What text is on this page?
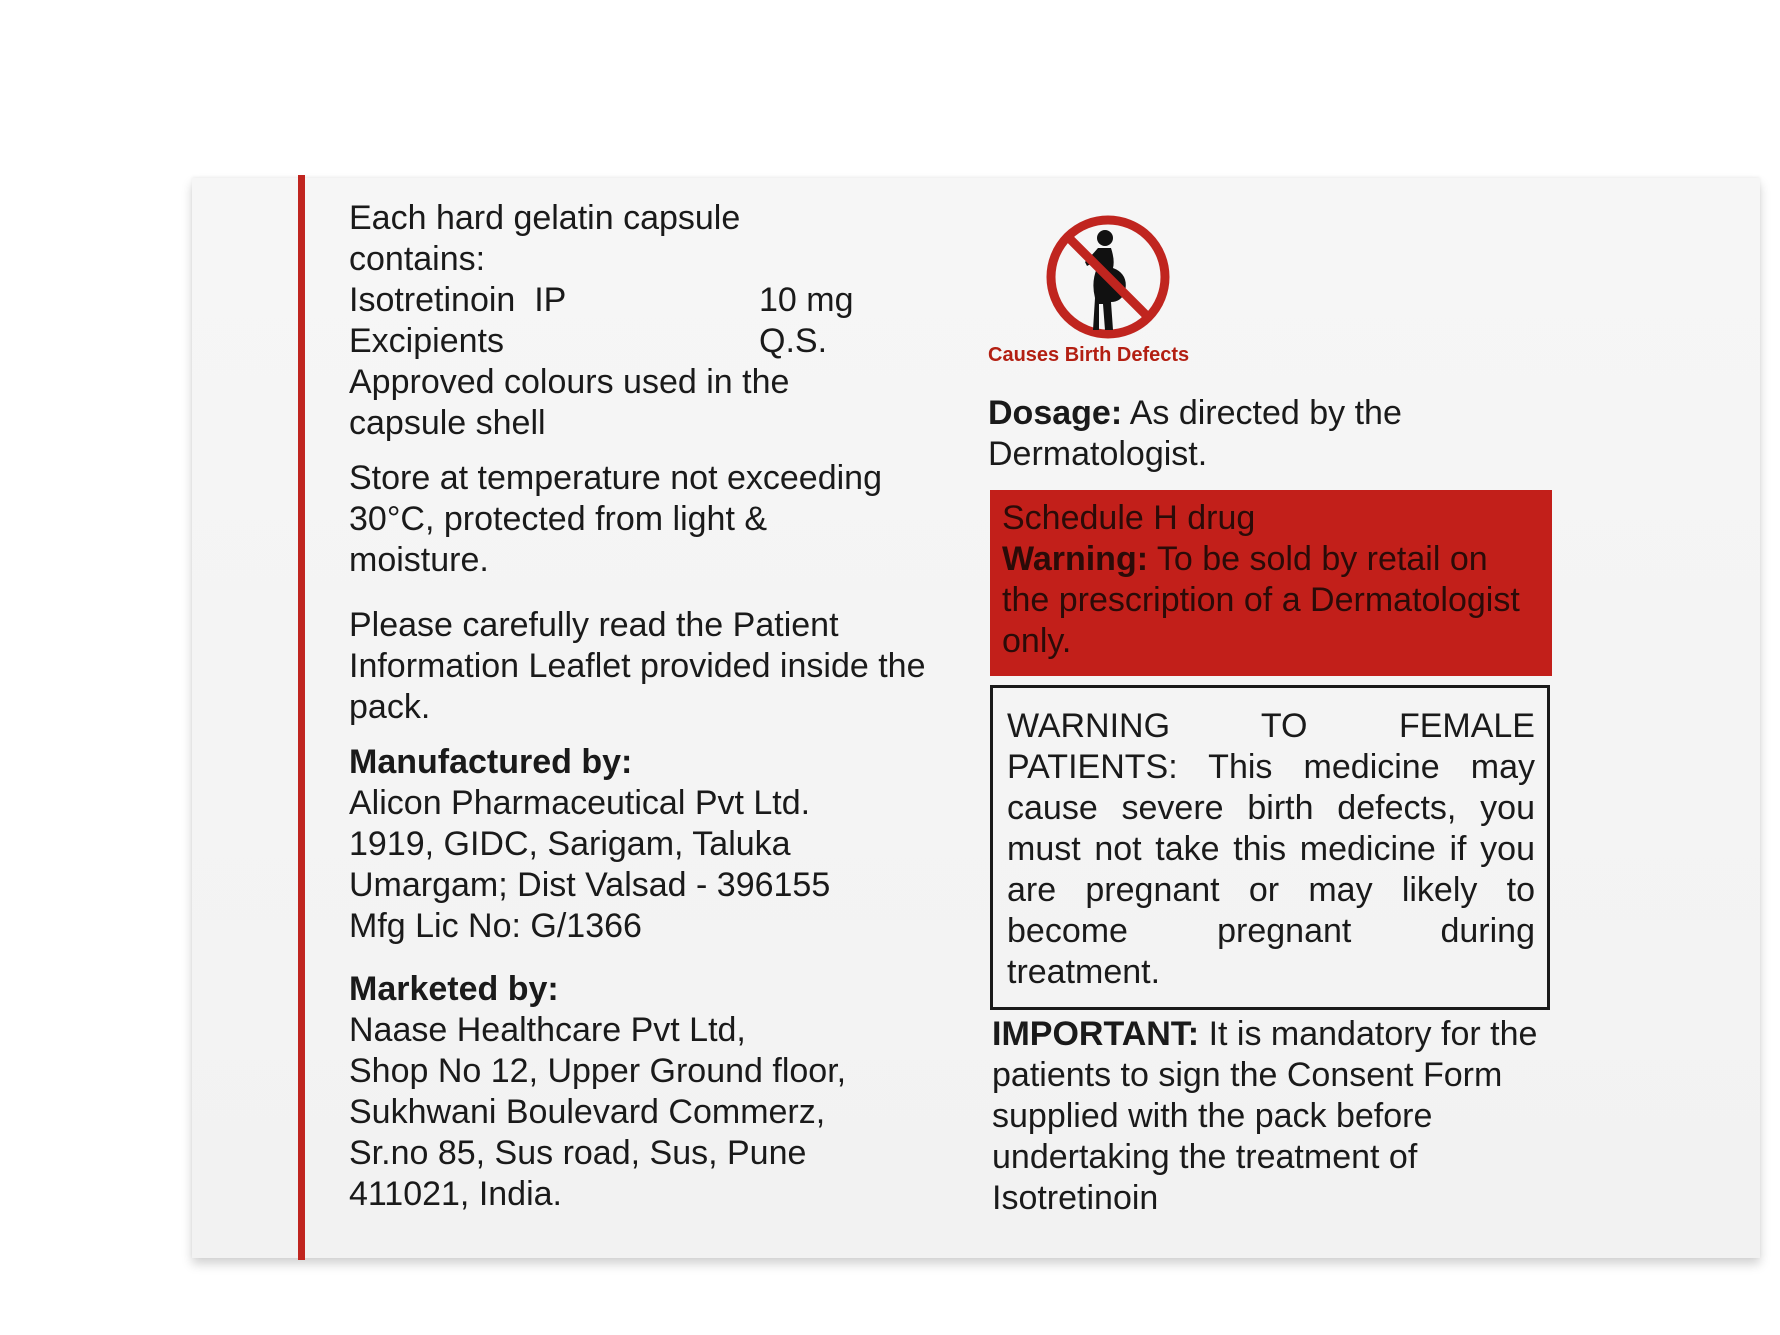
Each hard gelatin capsule contains:

Isotretinoin  IP	10 mg

Excipients	Q.S.

Approved colours used in the capsule shell

Store at temperature not exceeding 30°C, protected from light & moisture.

Please carefully read the Patient Information Leaflet provided inside the pack.

Manufactured by:

Alicon Pharmaceutical Pvt Ltd.

1919, GIDC, Sarigam, Taluka

Umargam; Dist Valsad - 396155

Mfg Lic No: G/1366

Marketed by:

Naase Healthcare Pvt Ltd,

Shop No 12, Upper Ground floor,

Sukhwani Boulevard Commerz,

Sr.no 85, Sus road, Sus, Pune

411021, India.

Causes Birth Defects

Dosage: As directed by the Dermatologist.

Schedule H drug

Warning: To be sold by retail on the prescription of a Dermatologist only.

WARNING TO FEMALE PATIENTS: This medicine may cause severe birth defects, you must not take this medicine if you are pregnant or may likely to become pregnant during treatment.

IMPORTANT: It is mandatory for the patients to sign the Consent Form supplied with the pack before undertaking the treatment of Isotretinoin
